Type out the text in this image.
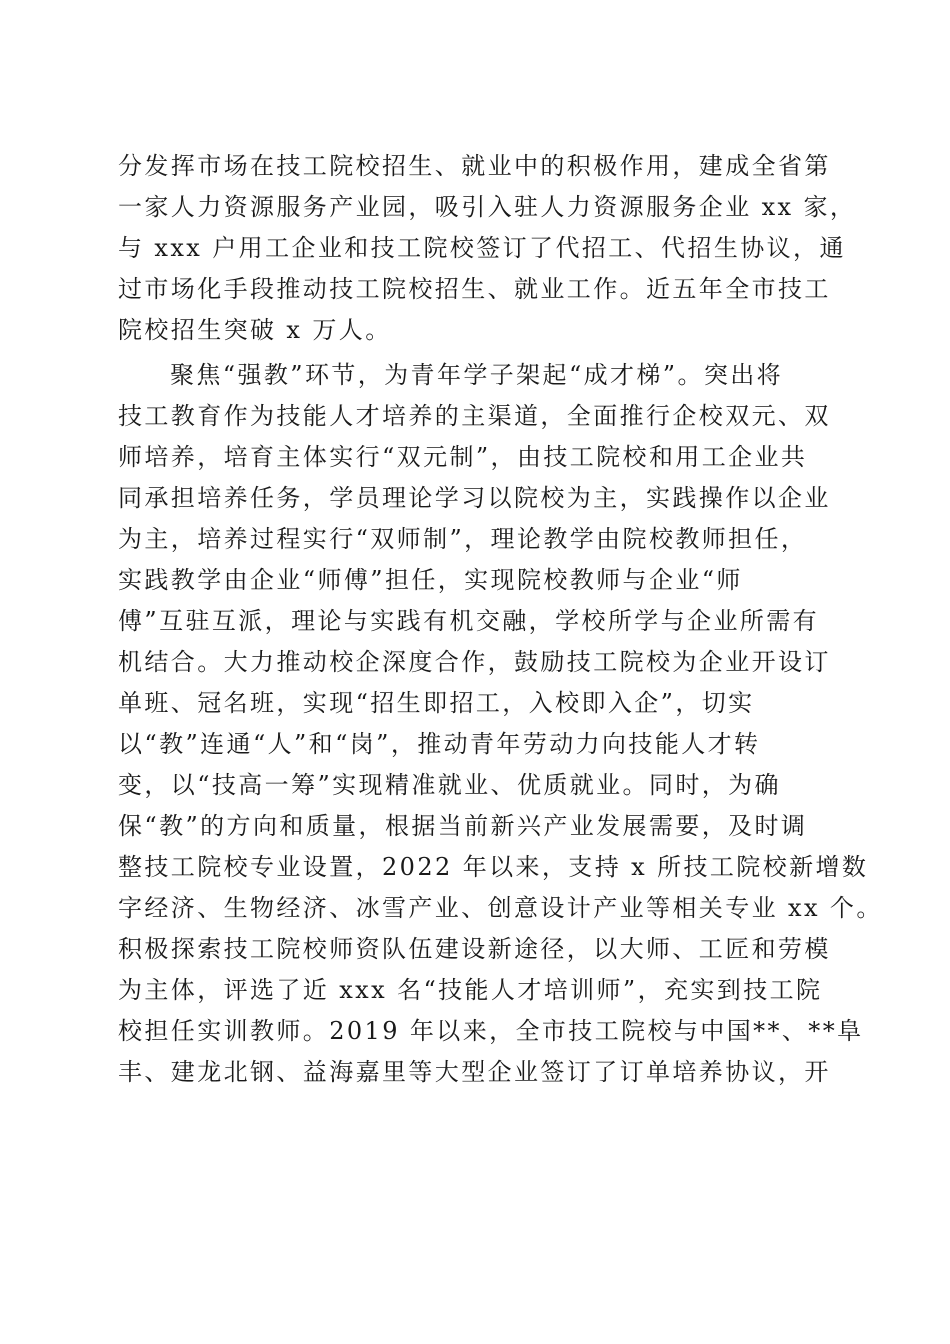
分发挥市场在技工院校招生、就业中的积极作用，建成全省第
一家人力资源服务产业园，吸引入驻人力资源服务企业 xx 家，
与 xxx 户用工企业和技工院校签订了代招工、代招生协议，通
过市场化手段推动技工院校招生、就业工作。近五年全市技工
院校招生突破 x 万人。
聚焦“强教”环节，为青年学子架起“成才梯”。突出将
技工教育作为技能人才培养的主渠道，全面推行企校双元、双
师培养，培育主体实行“双元制”，由技工院校和用工企业共
同承担培养任务，学员理论学习以院校为主，实践操作以企业
为主，培养过程实行“双师制”，理论教学由院校教师担任，
实践教学由企业“师傅”担任，实现院校教师与企业“师
傅”互驻互派，理论与实践有机交融，学校所学与企业所需有
机结合。大力推动校企深度合作，鼓励技工院校为企业开设订
单班、冠名班，实现“招生即招工，入校即入企”，切实
以“教”连通“人”和“岗”，推动青年劳动力向技能人才转
变，以“技高一筹”实现精准就业、优质就业。同时，为确
保“教”的方向和质量，根据当前新兴产业发展需要，及时调
整技工院校专业设置，2022 年以来，支持 x 所技工院校新增数
字经济、生物经济、冰雪产业、创意设计产业等相关专业 xx 个。
积极探索技工院校师资队伍建设新途径，以大师、工匠和劳模
为主体，评选了近 xxx 名“技能人才培训师”，充实到技工院
校担任实训教师。2019 年以来，全市技工院校与中国**、**阜
丰、建龙北钢、益海嘉里等大型企业签订了订单培养协议，开
